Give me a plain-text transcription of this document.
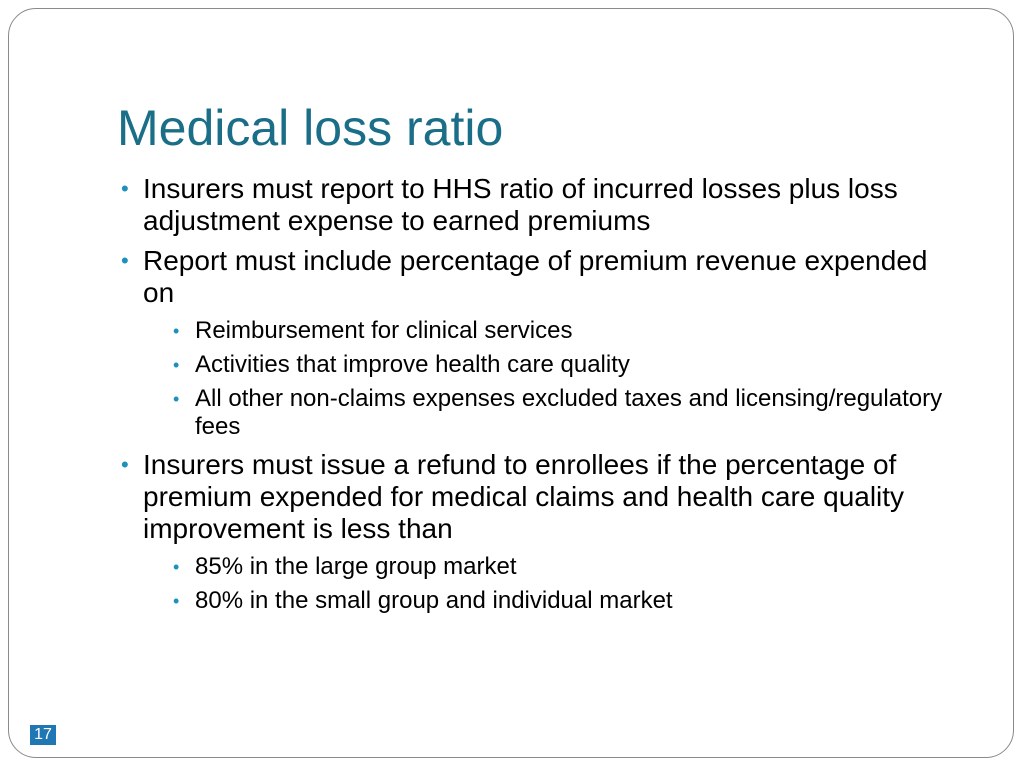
Medical loss ratio
• Insurers must report to HHS ratio of incurred losses plus loss adjustment expense to earned premiums
• Report must include percentage of premium revenue expended on
• Reimbursement for clinical services
• Activities that improve health care quality
• All other non-claims expenses excluded taxes and licensing/regulatory fees
• Insurers must issue a refund to enrollees if the percentage of premium expended for medical claims and health care quality improvement is less than
• 85% in the large group market
• 80% in the small group and individual market
17
